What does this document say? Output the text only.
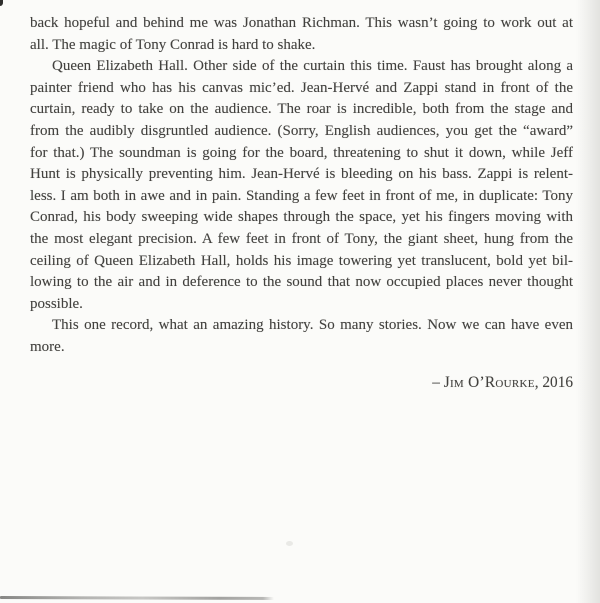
back hopeful and behind me was Jonathan Richman. This wasn’t going to work out at
all. The magic of Tony Conrad is hard to shake.
Queen Elizabeth Hall. Other side of the curtain this time. Faust has brought along a
painter friend who has his canvas mic’ed. Jean-Hervé and Zappi stand in front of the
curtain, ready to take on the audience. The roar is incredible, both from the stage and
from the audibly disgruntled audience. (Sorry, English audiences, you get the “award”
for that.) The soundman is going for the board, threatening to shut it down, while Jeff
Hunt is physically preventing him. Jean-Hervé is bleeding on his bass. Zappi is relent-
less. I am both in awe and in pain. Standing a few feet in front of me, in duplicate: Tony
Conrad, his body sweeping wide shapes through the space, yet his fingers moving with
the most elegant precision. A few feet in front of Tony, the giant sheet, hung from the
ceiling of Queen Elizabeth Hall, holds his image towering yet translucent, bold yet bil-
lowing to the air and in deference to the sound that now occupied places never thought
possible.
This one record, what an amazing history. So many stories. Now we can have even
more.
– Jim O’Rourke, 2016
